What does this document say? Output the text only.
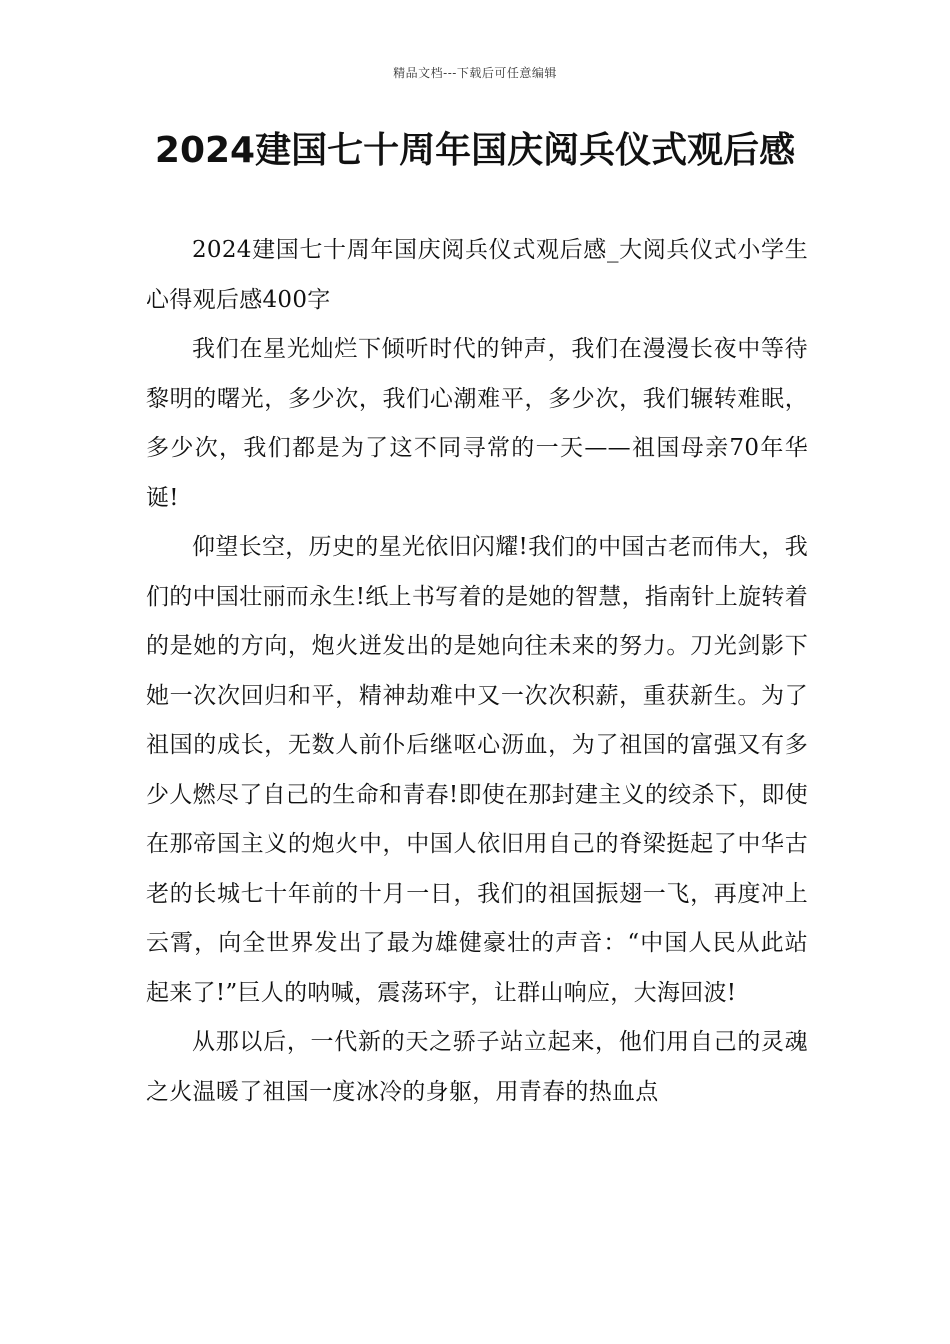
精品文档---下载后可任意编辑
2024建国七十周年国庆阅兵仪式观后感

2024建国七十周年国庆阅兵仪式观后感_大阅兵仪式小学生心得观后感400字

我们在星光灿烂下倾听时代的钟声，我们在漫漫长夜中等待黎明的曙光，多少次，我们心潮难平，多少次，我们辗转难眠，多少次，我们都是为了这不同寻常的一天——祖国母亲70年华诞!

仰望长空，历史的星光依旧闪耀!我们的中国古老而伟大，我们的中国壮丽而永生!纸上书写着的是她的智慧，指南针上旋转着的是她的方向，炮火迸发出的是她向往未来的努力。刀光剑影下她一次次回归和平，精神劫难中又一次次积薪，重获新生。为了祖国的成长，无数人前仆后继呕心沥血，为了祖国的富强又有多少人燃尽了自己的生命和青春!即使在那封建主义的绞杀下，即使在那帝国主义的炮火中，中国人依旧用自己的脊梁挺起了中华古老的长城七十年前的十月一日，我们的祖国振翅一飞，再度冲上云霄，向全世界发出了最为雄健豪壮的声音：“中国人民从此站起来了!”巨人的呐喊，震荡环宇，让群山响应，大海回波!

从那以后，一代新的天之骄子站立起来，他们用自己的灵魂之火温暖了祖国一度冰冷的身躯，用青春的热血点
